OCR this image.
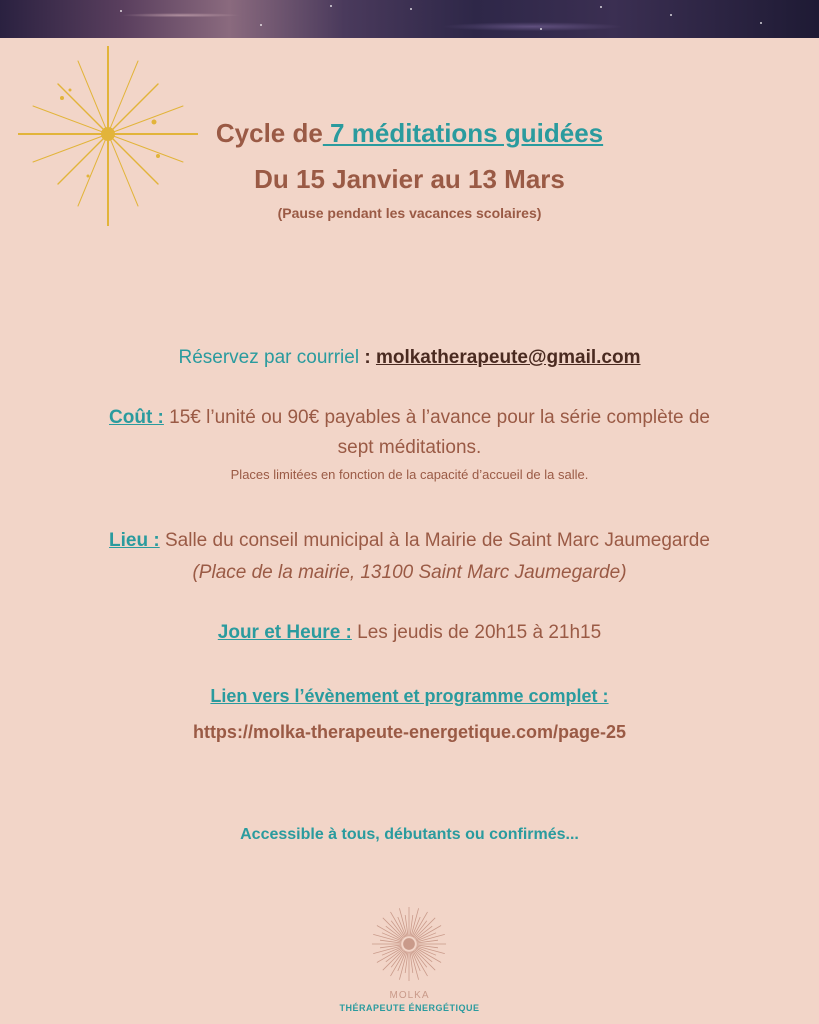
Cycle de 7 méditations guidées
Du 15 Janvier au 13 Mars
(Pause pendant les vacances scolaires)
Réservez par courriel : molkatherapeute@gmail.com
Coût : 15€ l’unité ou 90€ payables à l’avance pour la série complète de
sept méditations.
Places limitées en fonction de la capacité d’accueil de la salle.
Lieu : Salle du conseil municipal à la Mairie de Saint Marc Jaumegarde
(Place de la mairie, 13100 Saint Marc Jaumegarde)
Jour et Heure : Les jeudis de 20h15 à 21h15
Lien vers l’évènement et programme complet :
https://molka-therapeute-energetique.com/page-25
Accessible à tous, débutants ou confirmés...
MOLKA
THÉRAPEUTE ÉNERGÉTIQUE
